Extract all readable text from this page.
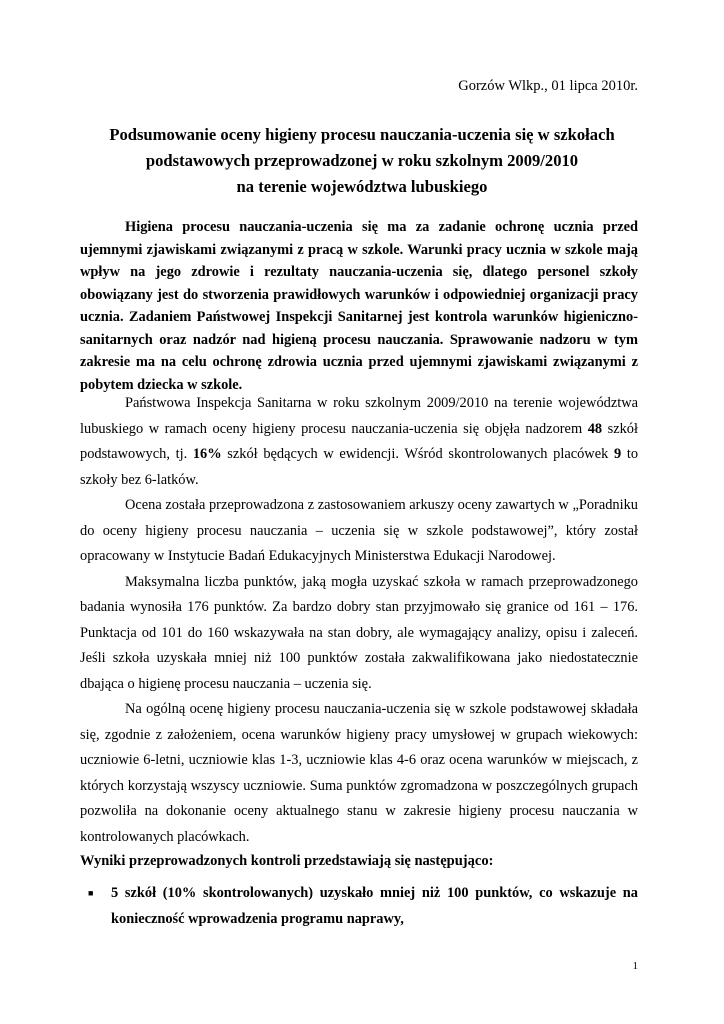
Gorzów Wlkp., 01 lipca 2010r.
Podsumowanie oceny higieny procesu nauczania-uczenia się w szkołach
podstawowych przeprowadzonej w roku szkolnym 2009/2010
na terenie województwa lubuskiego

Higiena procesu nauczania-uczenia się ma za zadanie ochronę ucznia przed ujemnymi zjawiskami związanymi z pracą w szkole. Warunki pracy ucznia w szkole mają wpływ na jego zdrowie i rezultaty nauczania-uczenia się, dlatego personel szkoły obowiązany jest do stworzenia prawidłowych warunków i odpowiedniej organizacji pracy ucznia. Zadaniem Państwowej Inspekcji Sanitarnej jest kontrola warunków higieniczno-sanitarnych oraz nadzór nad higieną procesu nauczania. Sprawowanie nadzoru w tym zakresie ma na celu ochronę zdrowia ucznia przed ujemnymi zjawiskami związanymi z pobytem dziecka w szkole.

Państwowa Inspekcja Sanitarna w roku szkolnym 2009/2010 na terenie województwa lubuskiego w ramach oceny higieny procesu nauczania-uczenia się objęła nadzorem 48 szkół podstawowych, tj. 16% szkół będących w ewidencji. Wśród skontrolowanych placówek 9 to szkoły bez 6-latków.

Ocena została przeprowadzona z zastosowaniem arkuszy oceny zawartych w „Poradniku do oceny higieny procesu nauczania – uczenia się w szkole podstawowej”, który został opracowany w Instytucie Badań Edukacyjnych Ministerstwa Edukacji Narodowej.

Maksymalna liczba punktów, jaką mogła uzyskać szkoła w ramach przeprowadzonego badania wynosiła 176 punktów. Za bardzo dobry stan przyjmowało się granice od 161 – 176. Punktacja od 101 do 160 wskazywała na stan dobry, ale wymagający analizy, opisu i zaleceń. Jeśli szkoła uzyskała mniej niż 100 punktów została zakwalifikowana jako niedostatecznie dbająca o higienę procesu nauczania – uczenia się.

Na ogólną ocenę higieny procesu nauczania-uczenia się w szkole podstawowej składała się, zgodnie z założeniem, ocena warunków higieny pracy umysłowej w grupach wiekowych: uczniowie 6-letni, uczniowie klas 1-3, uczniowie klas 4-6 oraz ocena warunków w miejscach, z których korzystają wszyscy uczniowie. Suma punktów zgromadzona w poszczególnych grupach pozwoliła na dokonanie oceny aktualnego stanu w zakresie higieny procesu nauczania w kontrolowanych placówkach.

Wyniki przeprowadzonych kontroli przedstawiają się następująco:
■ 5 szkół (10% skontrolowanych) uzyskało mniej niż 100 punktów, co wskazuje na konieczność wprowadzenia programu naprawy,
1
